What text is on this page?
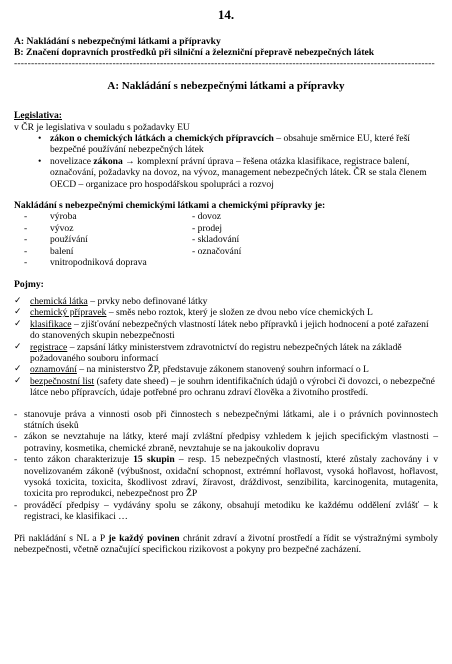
14.
A: Nakládání s nebezpečnými látkami a přípravky
B: Značení dopravních prostředků při silniční a železniční přepravě nebezpečných látek
----------------------------------------------------------------------------------------------------------------------------
A: Nakládání s nebezpečnými látkami a přípravky
Legislativa:
v ČR je legislativa v souladu s požadavky EU
• zákon o chemických látkách a chemických přípravcích – obsahuje směrnice EU, které řeší bezpečné používání nebezpečných látek
• novelizace zákona → komplexní právní úprava – řešena otázka klasifikace, registrace balení, označování, požadavky na dovoz, na vývoz, management nebezpečných látek. ČR se stala členem OECD – organizace pro hospodářskou spolupráci a rozvoj
Nakládání s nebezpečnými chemickými látkami a chemickými přípravky je:
-	výroba	- dovoz
-	vývoz	- prodej
-	používání	- skladování
-	balení	- označování
-	vnitropodniková doprava
Pojmy:
✓ chemická látka – prvky nebo definované látky
✓ chemický přípravek – směs nebo roztok, který je složen ze dvou nebo více chemických L
✓ klasifikace – zjišťování nebezpečných vlastností látek nebo přípravků i jejich hodnocení a poté zařazení do stanovených skupin nebezpečnosti
✓ registrace – zapsání látky ministerstvem zdravotnictví do registru nebezpečných látek na základě požadovaného souboru informací
✓ oznamování – na ministerstvo ŽP, představuje zákonem stanovený souhrn informací o L
✓ bezpečnostní list (safety date sheed) – je souhrn identifikačních údajů o výrobci či dovozci, o nebezpečné látce nebo přípravcích, údaje potřebné pro ochranu zdraví člověka a životního prostředí.
- stanovuje práva a vinnosti osob při činnostech s nebezpečnými látkami, ale i o právních povinnostech státních úseků
- zákon se nevztahuje na látky, které mají zvláštní předpisy vzhledem k jejich specifickým vlastnosti – potraviny, kosmetika, chemické zbraně, nevztahuje se na jakoukoliv dopravu
- tento zákon charakterizuje 15 skupin – resp. 15 nebezpečných vlastností, které zůstaly zachovány i v novelizovaném zákoně (výbušnost, oxidační schopnost, extrémní hořlavost, vysoká hořlavost, hořlavost, vysoká toxicita, toxicita, škodlivost zdraví, žíravost, dráždivost, senzibilita, karcinogenita, mutagenita, toxicita pro reprodukci, nebezpečnost pro ŽP
- prováděcí předpisy – vydávány spolu se zákony, obsahují metodiku ke každému oddělení zvlášť – k registraci, ke klasifikaci …

Při nakládání s NL a P je každý povinen chránit zdraví a životní prostředí a řídit se výstražnými symboly nebezpečnosti, včetně označující specifickou rizikovost a pokyny pro bezpečné zacházení.
